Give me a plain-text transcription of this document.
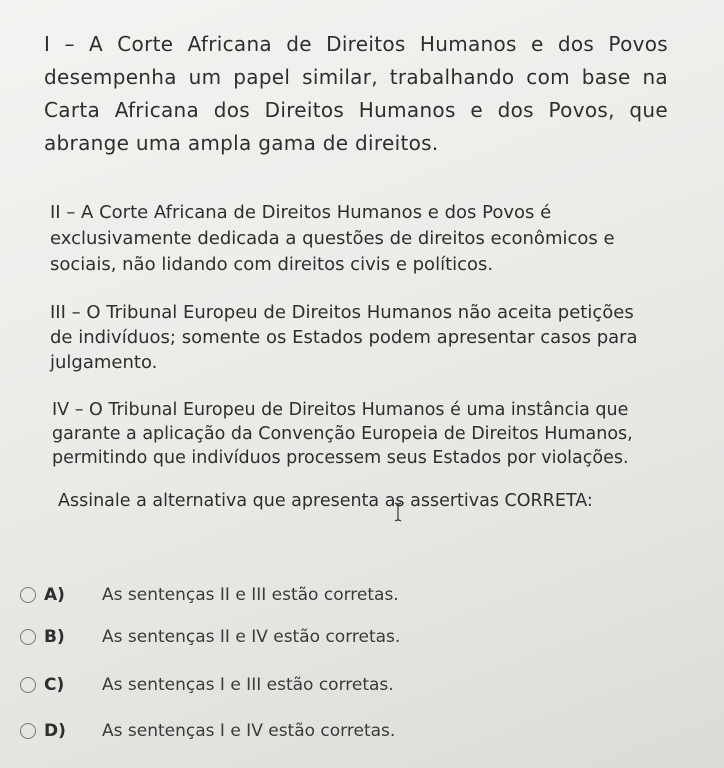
I – A Corte Africana de Direitos Humanos e dos Povos desempenha um papel similar, trabalhando com base na Carta Africana dos Direitos Humanos e dos Povos, que abrange uma ampla gama de direitos.
II – A Corte Africana de Direitos Humanos e dos Povos é exclusivamente dedicada a questões de direitos econômicos e sociais, não lidando com direitos civis e políticos.
III – O Tribunal Europeu de Direitos Humanos não aceita petições de indivíduos; somente os Estados podem apresentar casos para julgamento.
IV – O Tribunal Europeu de Direitos Humanos é uma instância que garante a aplicação da Convenção Europeia de Direitos Humanos, permitindo que indivíduos processem seus Estados por violações.
Assinale a alternativa que apresenta as assertivas CORRETA:
A)	As sentenças II e III estão corretas.
B)	As sentenças II e IV estão corretas.
C)	As sentenças I e III estão corretas.
D)	As sentenças I e IV estão corretas.
